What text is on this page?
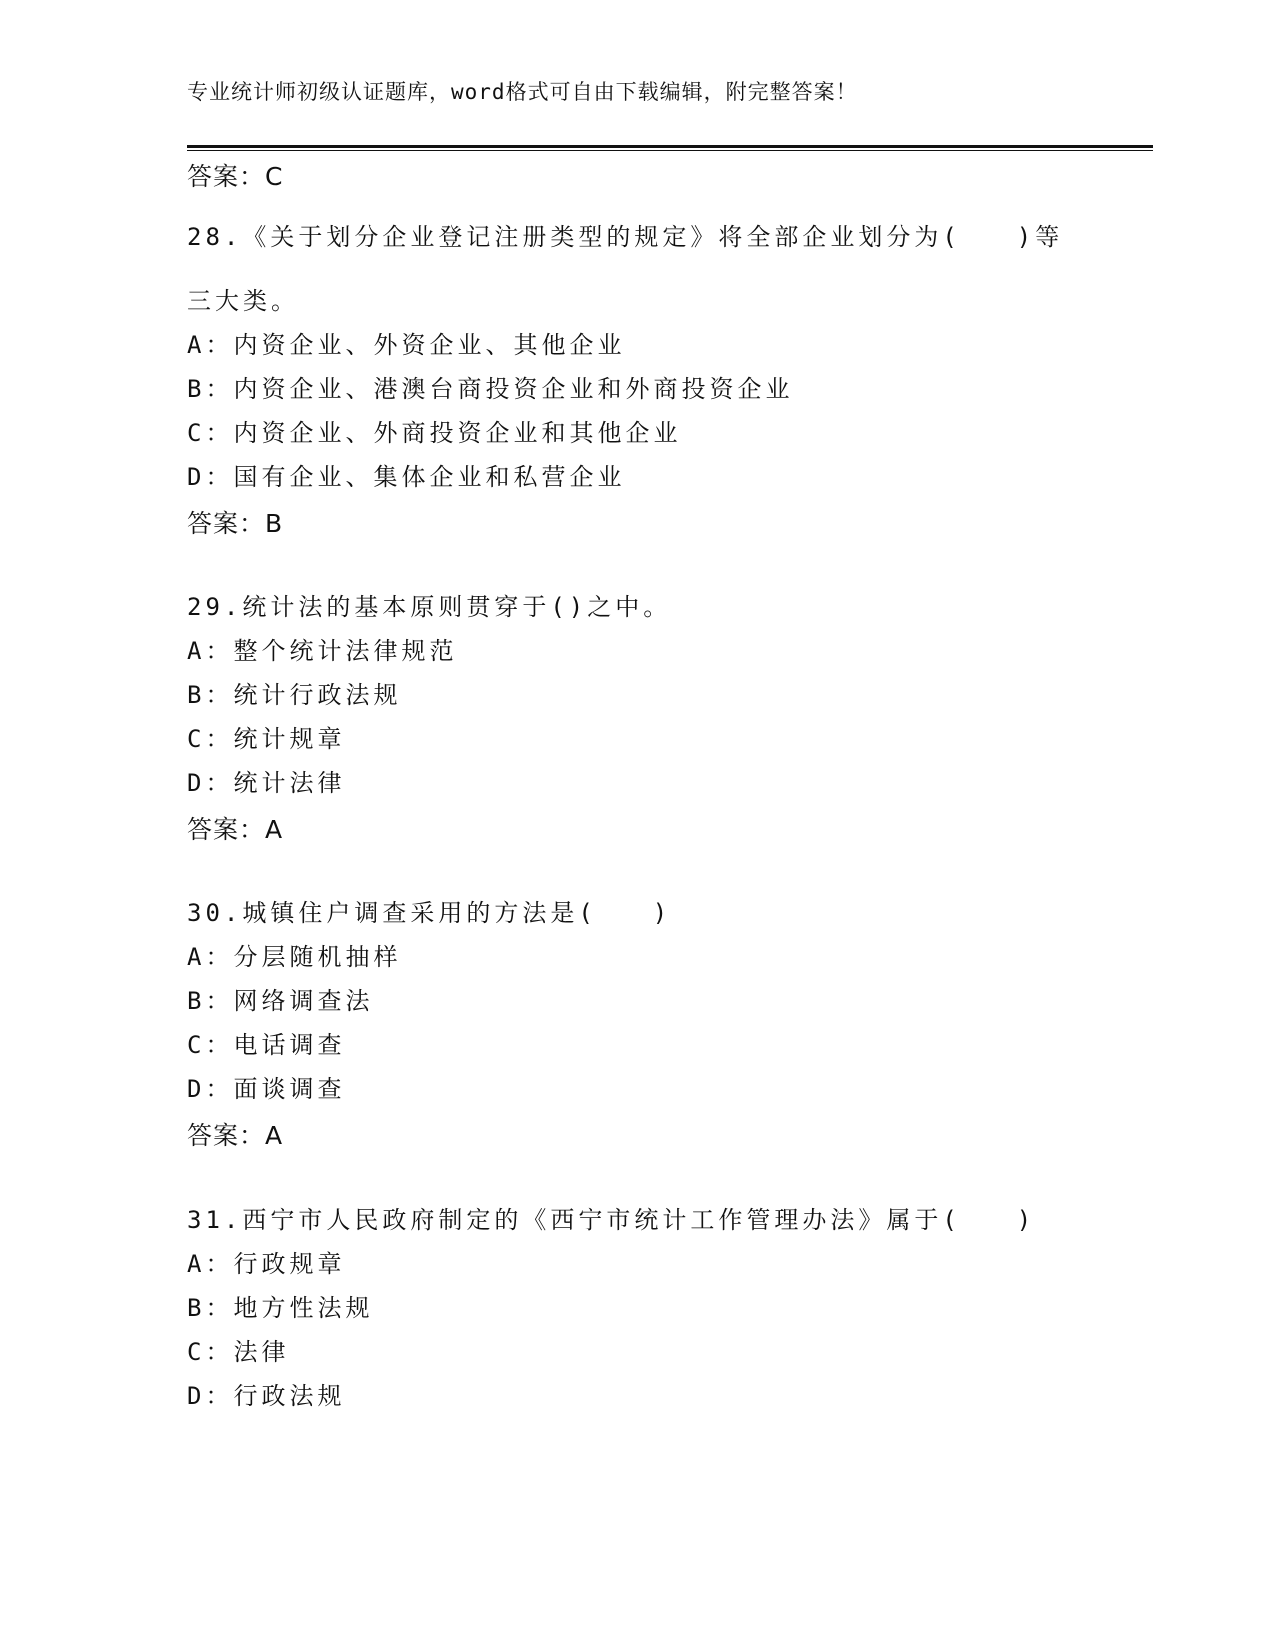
专业统计师初级认证题库，word格式可自由下载编辑，附完整答案！
答案：C
28.《关于划分企业登记注册类型的规定》将全部企业划分为(　　)等
三大类。
A：内资企业、外资企业、其他企业
B：内资企业、港澳台商投资企业和外商投资企业
C：内资企业、外商投资企业和其他企业
D：国有企业、集体企业和私营企业
答案：B
29.统计法的基本原则贯穿于()之中。
A：整个统计法律规范
B：统计行政法规
C：统计规章
D：统计法律
答案：A
30.城镇住户调查采用的方法是(　　)
A：分层随机抽样
B：网络调查法
C：电话调查
D：面谈调查
答案：A
31.西宁市人民政府制定的《西宁市统计工作管理办法》属于(　　)
A：行政规章
B：地方性法规
C：法律
D：行政法规
